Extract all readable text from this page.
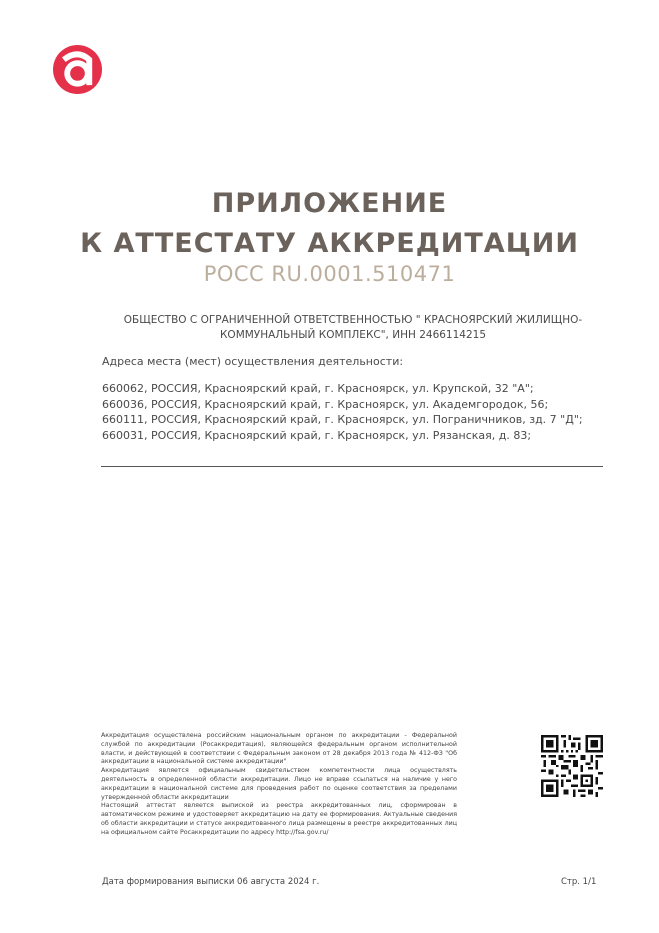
ПРИЛОЖЕНИЕ
К АТТЕСТАТУ АККРЕДИТАЦИИ
РОСС RU.0001.510471
ОБЩЕСТВО С ОГРАНИЧЕННОЙ ОТВЕТСТВЕННОСТЬЮ " КРАСНОЯРСКИЙ ЖИЛИЩНО-КОММУНАЛЬНЫЙ КОМПЛЕКС", ИНН 2466114215
Адреса места (мест) осуществления деятельности:
660062, РОССИЯ, Красноярский край, г. Красноярск, ул. Крупской, 32 "А";
660036, РОССИЯ, Красноярский край, г. Красноярск, ул. Академгородок, 56;
660111, РОССИЯ, Красноярский край, г. Красноярск, ул. Пограничников, зд. 7 "Д";
660031, РОССИЯ, Красноярский край, г. Красноярск, ул. Рязанская, д. 83;

Аккредитация осуществлена российским национальным органом по аккредитации - Федеральной службой по аккредитации (Росаккредитация), являющейся федеральным органом исполнительной власти, и действующей в соответствии с Федеральным законом от 28 декабря 2013 года № 412-ФЗ "Об аккредитации в национальной системе аккредитации"

Аккредитация является официальным свидетельством компетентности лица осуществлять деятельность в определенной области аккредитации. Лицо не вправе ссылаться на наличие у него аккредитации в национальной системе для проведения работ по оценке соответствия за пределами утвержденной области аккредитации

Настоящий аттестат является выпиской из реестра аккредитованных лиц, сформирован в автоматическом режиме и удостоверяет аккредитацию на дату ее формирования. Актуальные сведения об области аккредитации и статусе аккредитованного лица размещены в реестре аккредитованных лиц на официальном сайте Росаккредитации по адресу http://fsa.gov.ru/

Дата формирования выписки 06 августа 2024 г.	Стр. 1/1
